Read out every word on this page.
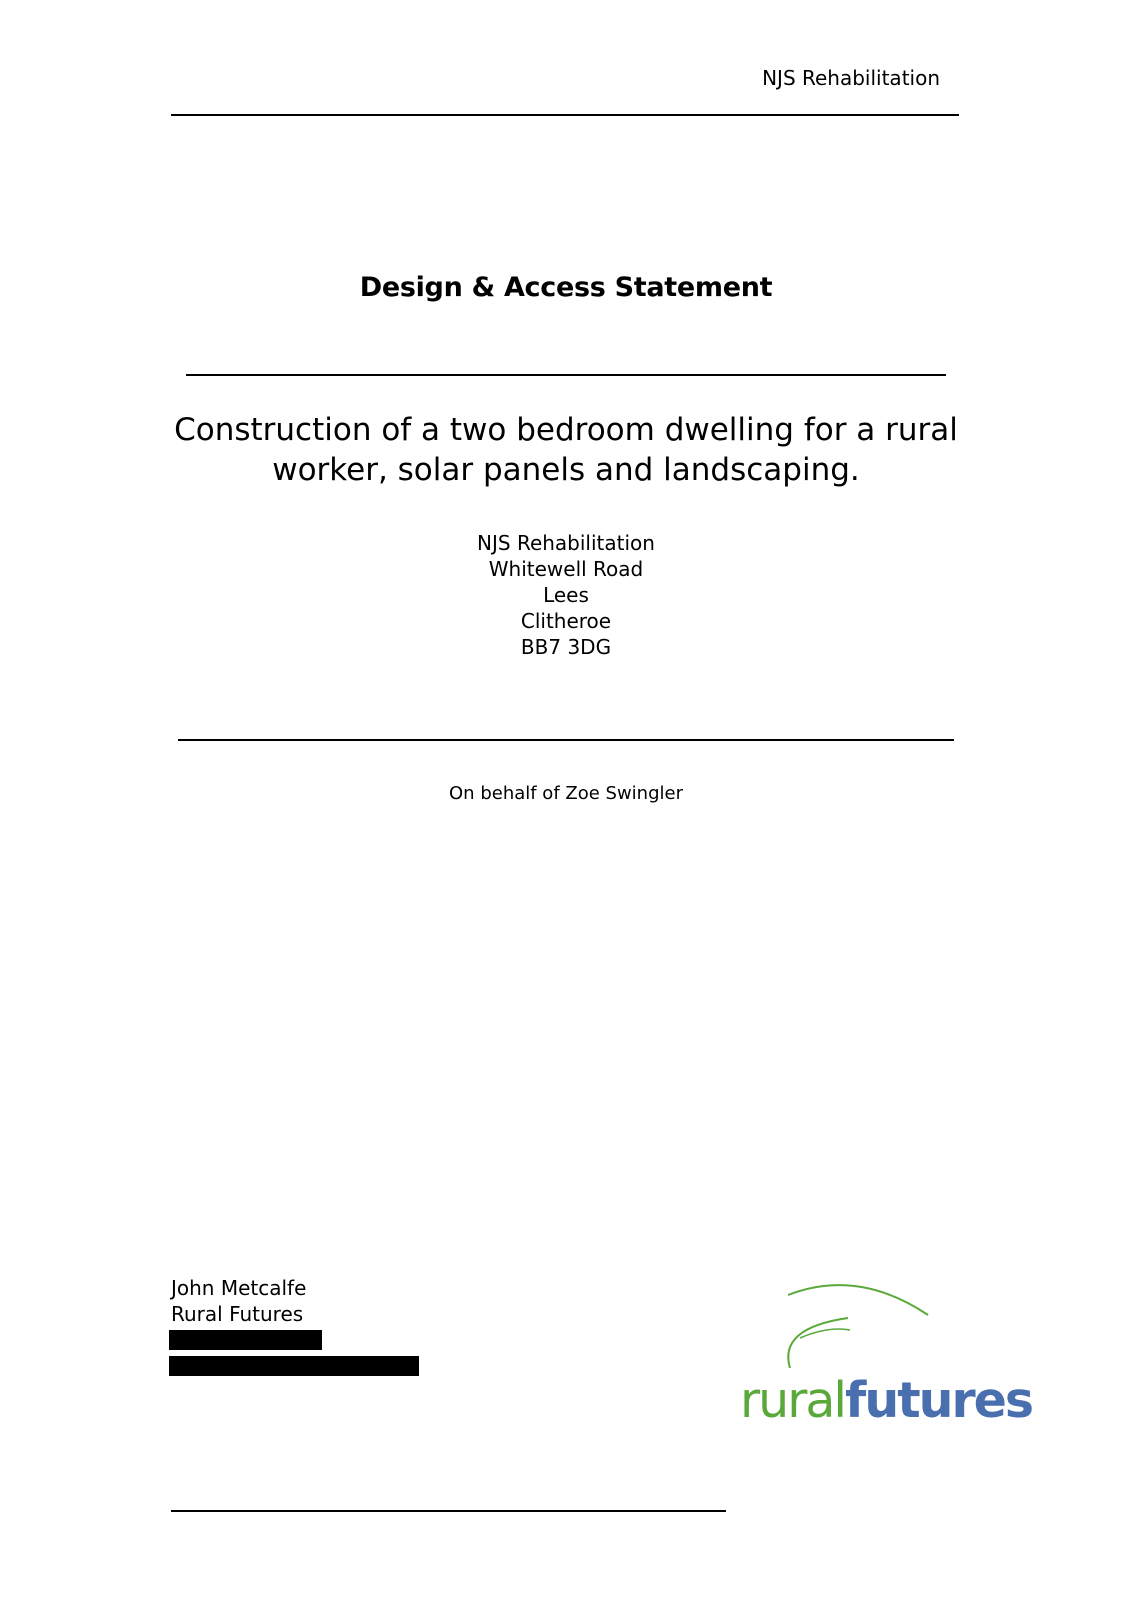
NJS Rehabilitation
Design & Access Statement
Construction of a two bedroom dwelling for a rural worker, solar panels and landscaping.
NJS Rehabilitation
Whitewell Road
Lees
Clitheroe
BB7 3DG
On behalf of Zoe Swingler
John Metcalfe
Rural Futures
ruralfutures
